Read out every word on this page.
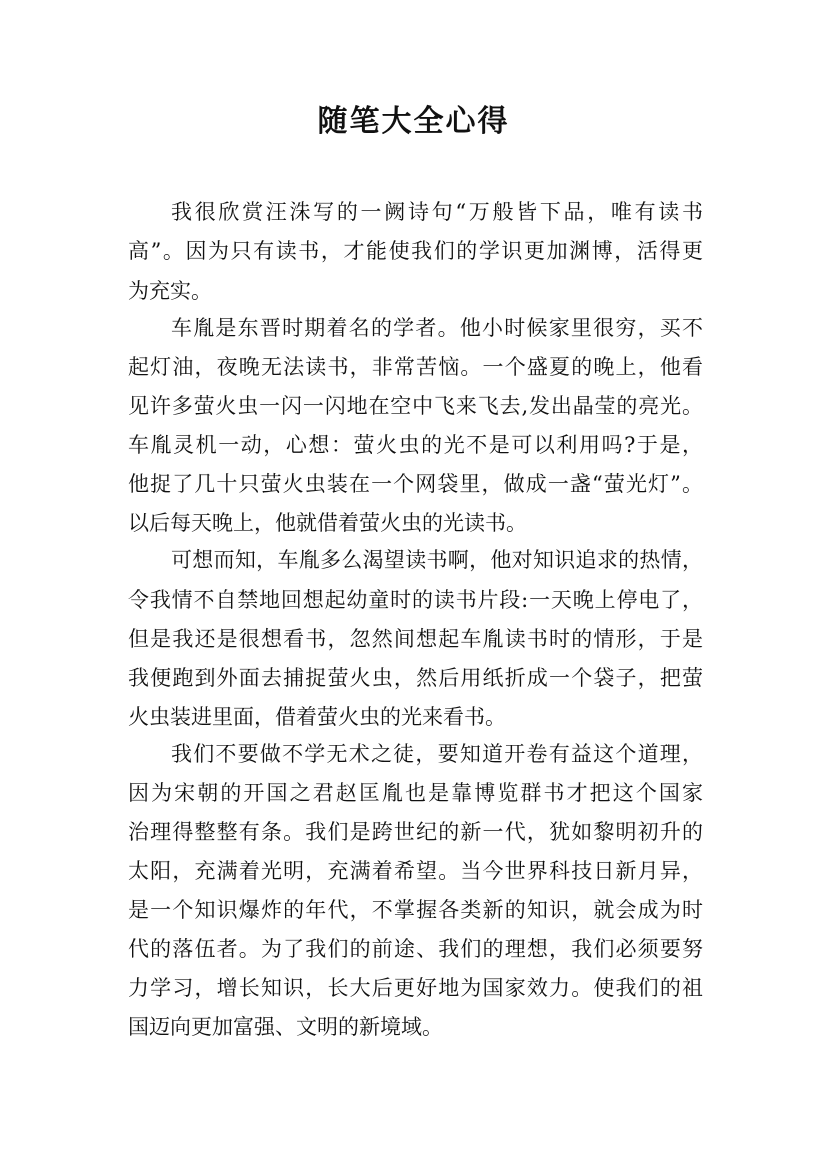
随笔大全心得
我很欣赏汪洙写的一阙诗句“万般皆下品，唯有读书
高”。因为只有读书，才能使我们的学识更加渊博，活得更
为充实。
车胤是东晋时期着名的学者。他小时候家里很穷，买不
起灯油，夜晚无法读书，非常苦恼。一个盛夏的晚上，他看
见许多萤火虫一闪一闪地在空中飞来飞去,发出晶莹的亮光。
车胤灵机一动，心想：萤火虫的光不是可以利用吗?于是，
他捉了几十只萤火虫装在一个网袋里，做成一盏“萤光灯”。
以后每天晚上，他就借着萤火虫的光读书。
可想而知，车胤多么渴望读书啊，他对知识追求的热情，
令我情不自禁地回想起幼童时的读书片段:一天晚上停电了，
但是我还是很想看书，忽然间想起车胤读书时的情形，于是
我便跑到外面去捕捉萤火虫，然后用纸折成一个袋子，把萤
火虫装进里面，借着萤火虫的光来看书。
我们不要做不学无术之徒，要知道开卷有益这个道理，
因为宋朝的开国之君赵匡胤也是靠博览群书才把这个国家
治理得整整有条。我们是跨世纪的新一代，犹如黎明初升的
太阳，充满着光明，充满着希望。当今世界科技日新月异，
是一个知识爆炸的年代，不掌握各类新的知识，就会成为时
代的落伍者。为了我们的前途、我们的理想，我们必须要努
力学习，增长知识，长大后更好地为国家效力。使我们的祖
国迈向更加富强、文明的新境域。
